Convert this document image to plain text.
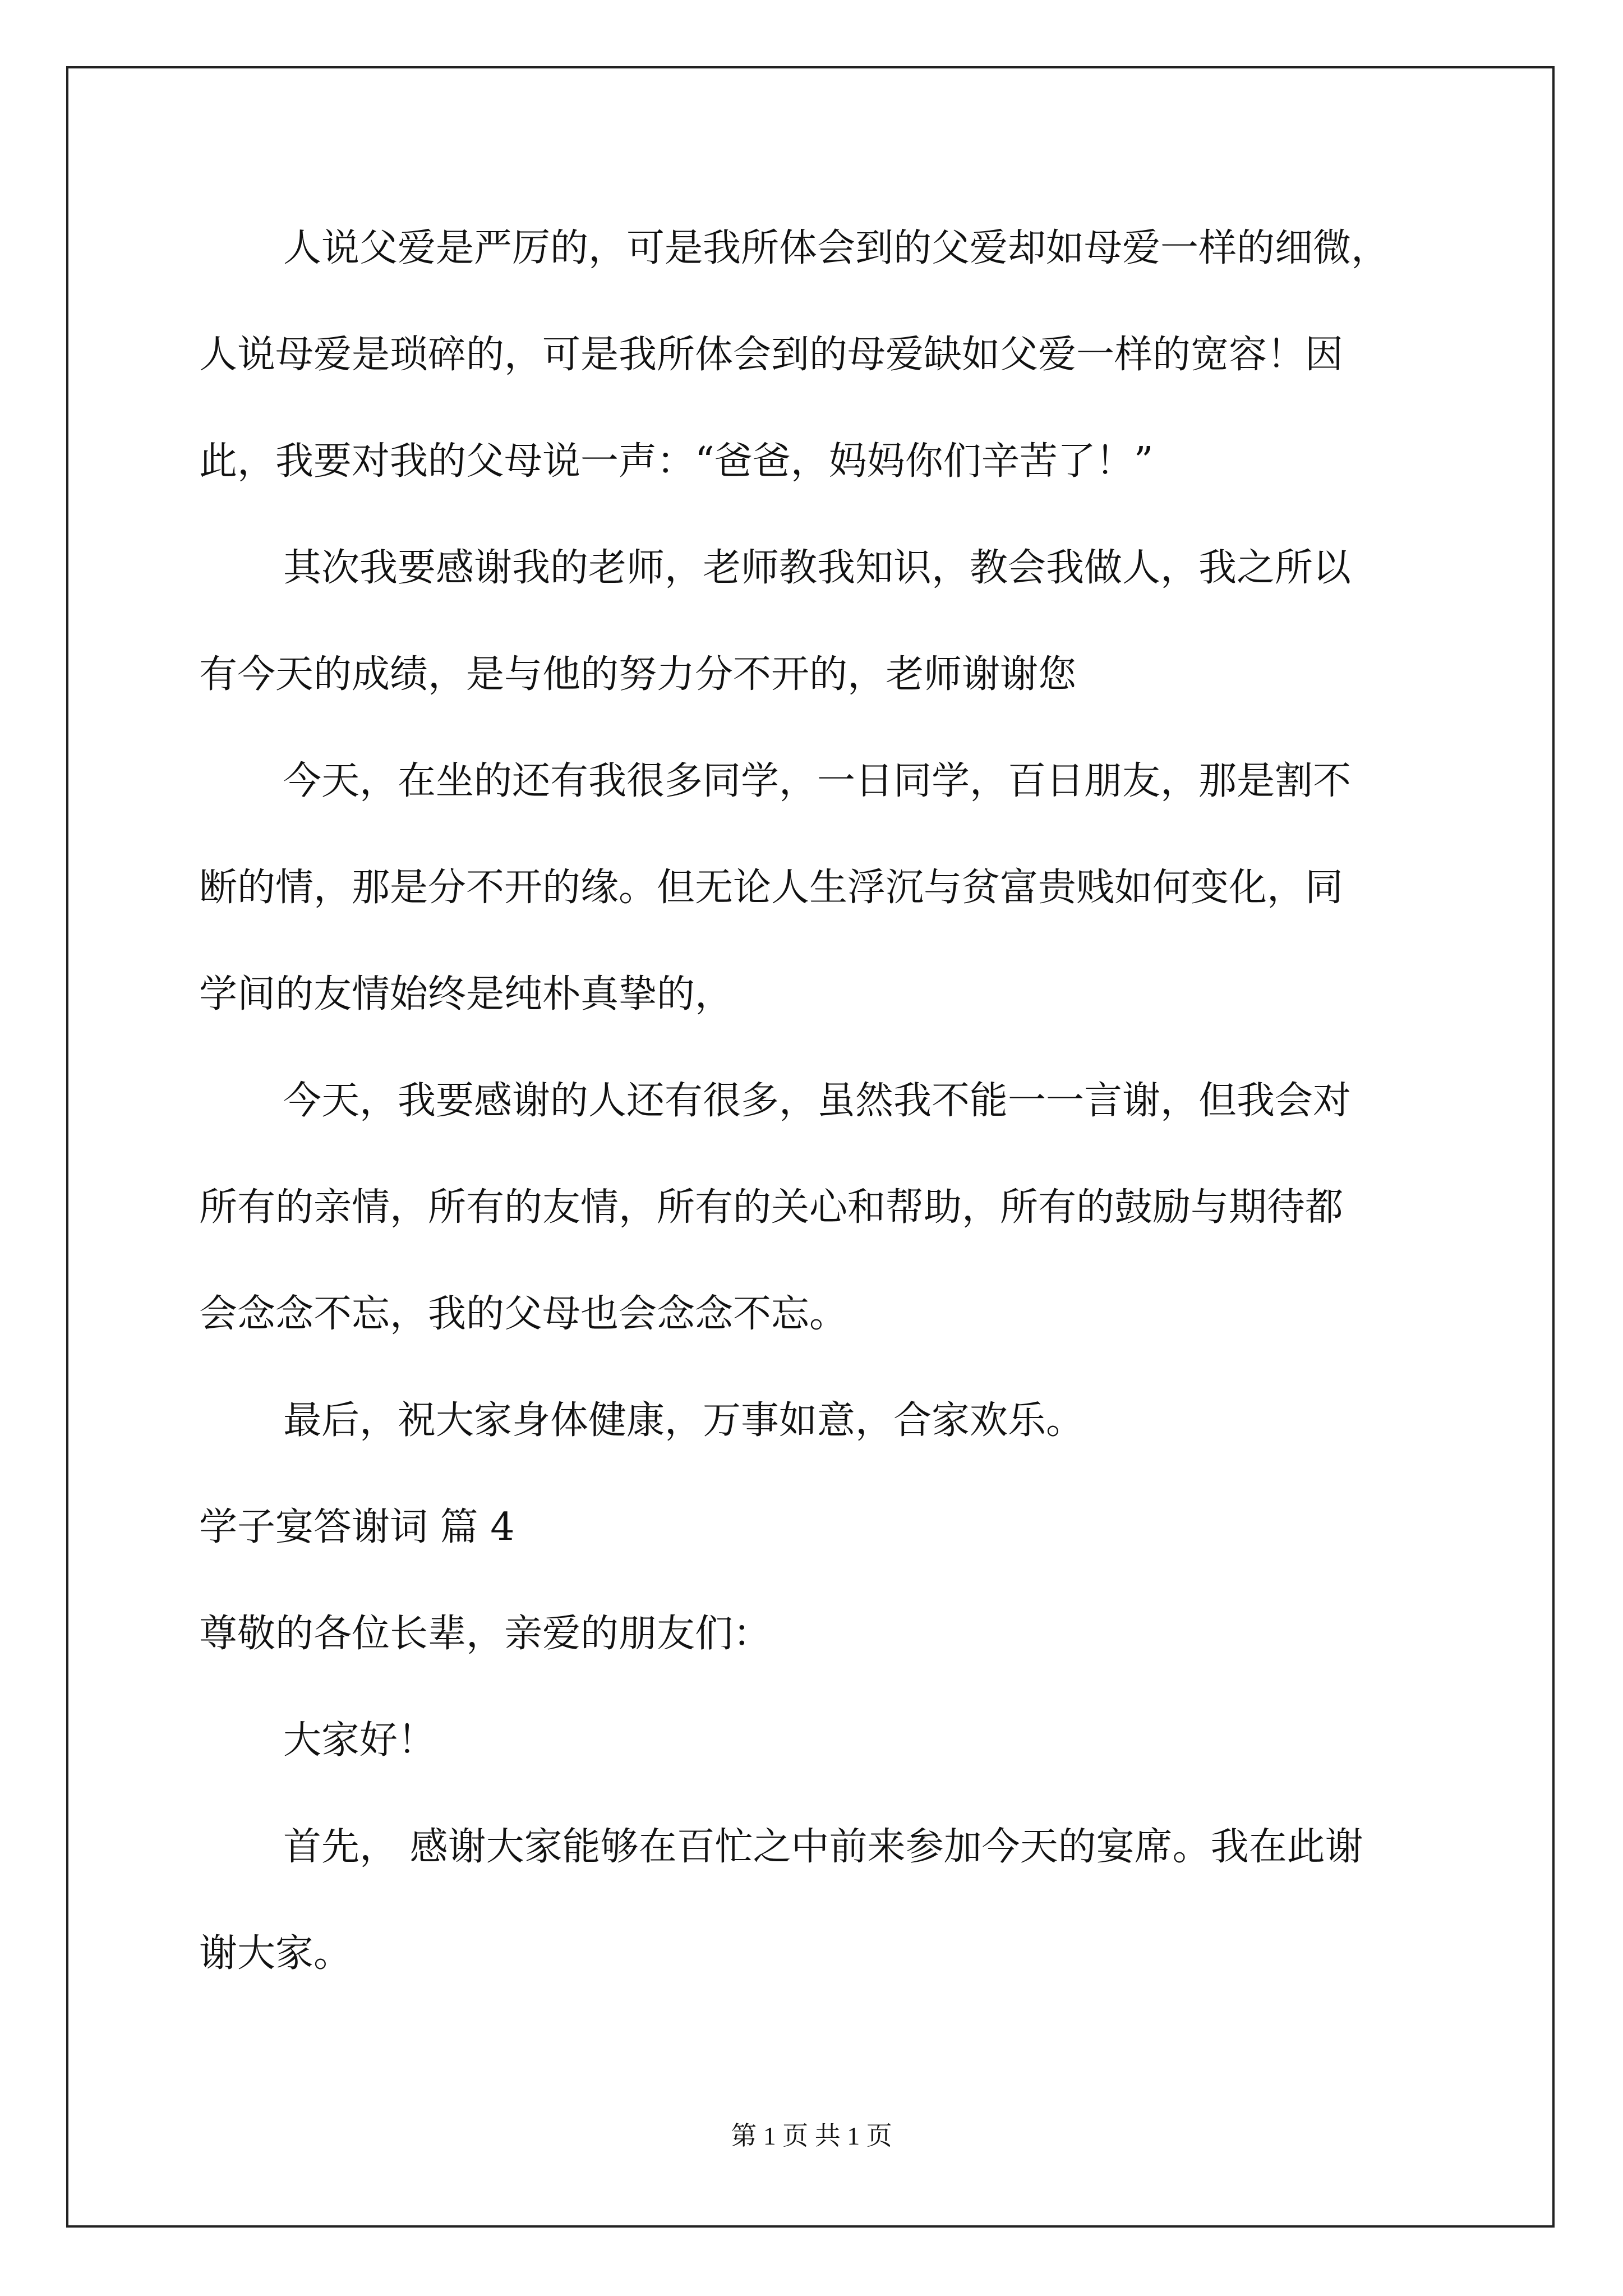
人说父爱是严厉的，可是我所体会到的父爱却如母爱一样的细微，
人说母爱是琐碎的，可是我所体会到的母爱缺如父爱一样的宽容！因
此，我要对我的父母说一声：“爸爸，妈妈你们辛苦了！”
其次我要感谢我的老师，老师教我知识，教会我做人，我之所以
有今天的成绩，是与他的努力分不开的，老师谢谢您
今天，在坐的还有我很多同学，一日同学，百日朋友，那是割不
断的情，那是分不开的缘。但无论人生浮沉与贫富贵贱如何变化，同
学间的友情始终是纯朴真挚的，
今天，我要感谢的人还有很多，虽然我不能一一言谢，但我会对
所有的亲情，所有的友情，所有的关心和帮助，所有的鼓励与期待都
会念念不忘，我的父母也会念念不忘。
最后，祝大家身体健康，万事如意，合家欢乐。
学子宴答谢词 篇 4
尊敬的各位长辈，亲爱的朋友们：
大家好！
首先， 感谢大家能够在百忙之中前来参加今天的宴席。我在此谢
谢大家。
第 1 页 共 1 页
